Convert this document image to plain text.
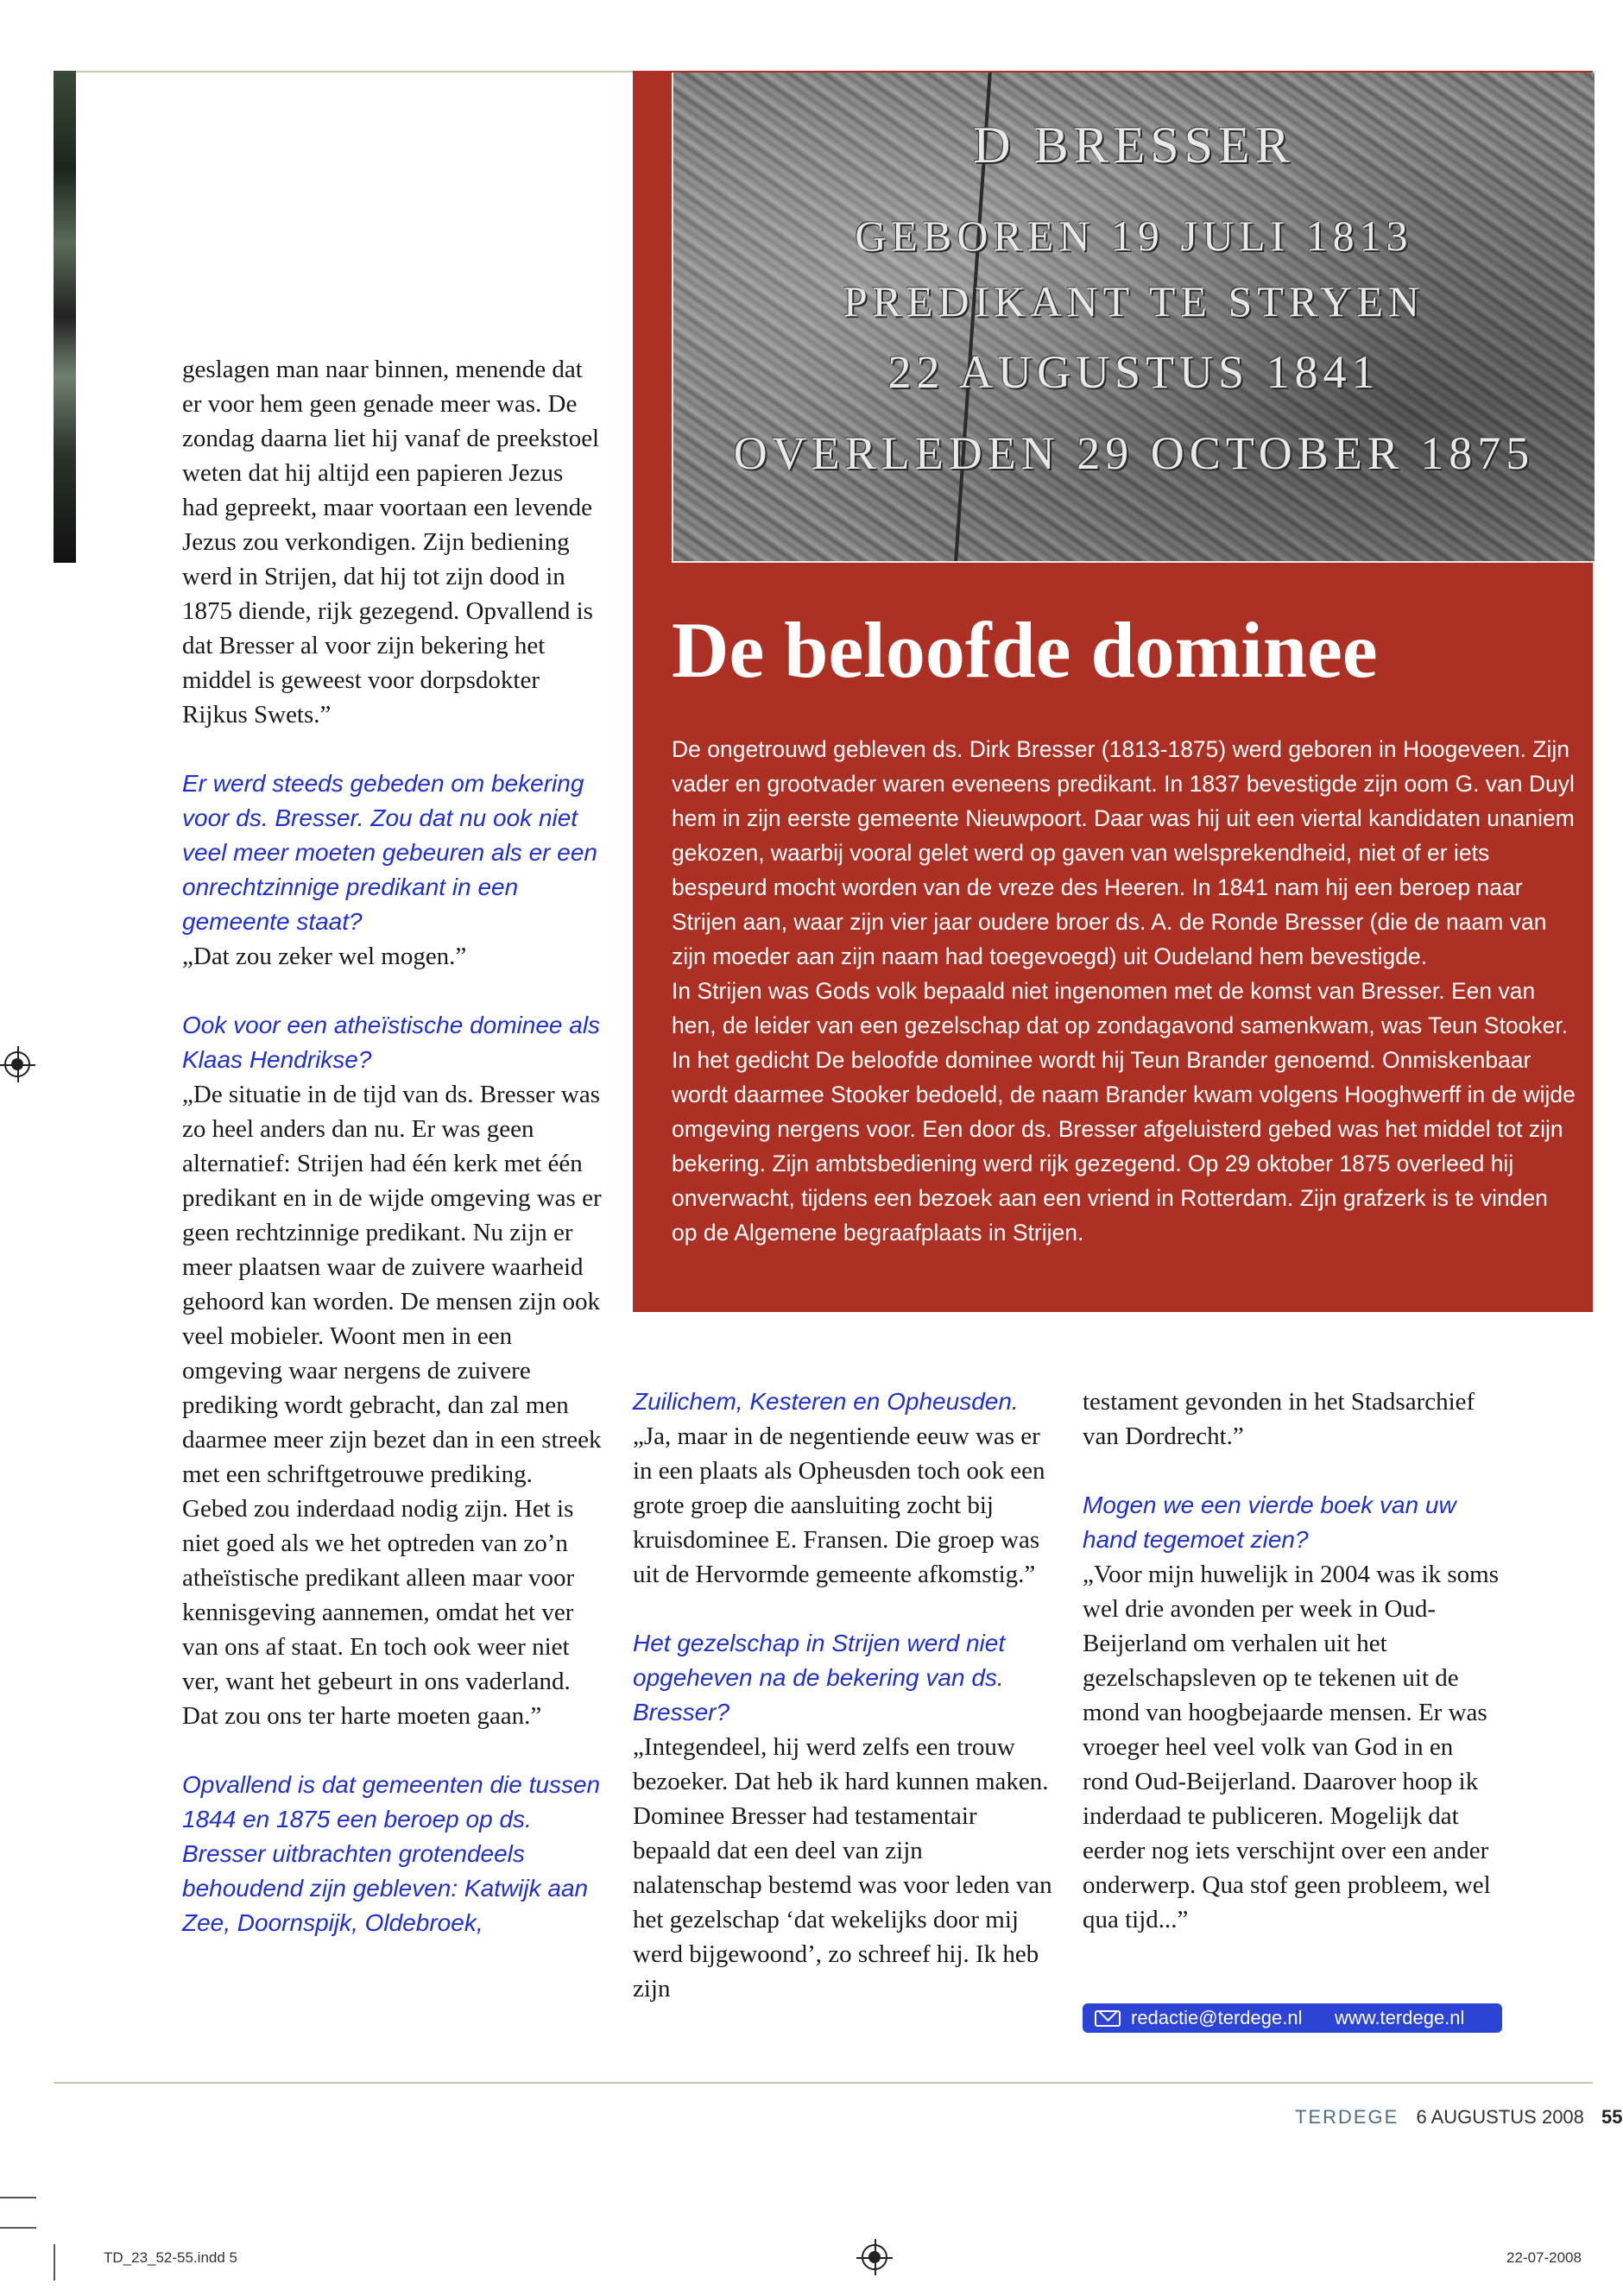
D BRESSER
GEBOREN 19 JULI 1813
PREDIKANT TE STRYEN
22 AUGUSTUS 1841
OVERLEDEN 29 OCTOBER 1875
De beloofde dominee

De ongetrouwd gebleven ds. Dirk Bresser (1813-1875) werd geboren in Hoogeveen. Zijn vader en grootvader waren eveneens predikant. In 1837 bevestigde zijn oom G. van Duyl hem in zijn eerste gemeente Nieuwpoort. Daar was hij uit een viertal kandidaten unaniem gekozen, waarbij vooral gelet werd op gaven van welsprekendheid, niet of er iets bespeurd mocht worden van de vreze des Heeren. In 1841 nam hij een beroep naar Strijen aan, waar zijn vier jaar oudere broer ds. A. de Ronde Bresser (die de naam van zijn moeder aan zijn naam had toegevoegd) uit Oudeland hem bevestigde.

In Strijen was Gods volk bepaald niet ingenomen met de komst van Bresser. Een van hen, de leider van een gezelschap dat op zondagavond samenkwam, was Teun Stooker. In het gedicht De beloofde dominee wordt hij Teun Brander genoemd. Onmiskenbaar wordt daarmee Stooker bedoeld, de naam Brander kwam volgens Hooghwerff in de wijde omgeving nergens voor. Een door ds. Bresser afgeluisterd gebed was het middel tot zijn bekering. Zijn ambtsbediening werd rijk gezegend. Op 29 oktober 1875 overleed hij onverwacht, tijdens een bezoek aan een vriend in Rotterdam. Zijn grafzerk is te vinden op de Algemene begraafplaats in Strijen.

geslagen man naar binnen, menende dat er voor hem geen genade meer was. De zondag daarna liet hij vanaf de preekstoel weten dat hij altijd een papieren Jezus had gepreekt, maar voortaan een levende Jezus zou verkondigen. Zijn bediening werd in Strijen, dat hij tot zijn dood in 1875 diende, rijk gezegend. Opvallend is dat Bresser al voor zijn bekering het middel is geweest voor dorpsdokter Rijkus Swets.”

Er werd steeds gebeden om bekering voor ds. Bresser. Zou dat nu ook niet veel meer moeten gebeuren als er een onrechtzinnige predikant in een gemeente staat?

„Dat zou zeker wel mogen.”

Ook voor een atheïstische dominee als Klaas Hendrikse?

„De situatie in de tijd van ds. Bresser was zo heel anders dan nu. Er was geen alternatief: Strijen had één kerk met één predikant en in de wijde omgeving was er geen rechtzinnige predikant. Nu zijn er meer plaatsen waar de zuivere waarheid gehoord kan worden. De mensen zijn ook veel mobieler. Woont men in een omgeving waar nergens de zuivere prediking wordt gebracht, dan zal men daarmee meer zijn bezet dan in een streek met een schriftgetrouwe prediking. Gebed zou inderdaad nodig zijn. Het is niet goed als we het optreden van zo’n atheïstische predikant alleen maar voor kennisgeving aannemen, omdat het ver van ons af staat. En toch ook weer niet ver, want het gebeurt in ons vaderland. Dat zou ons ter harte moeten gaan.”

Opvallend is dat gemeenten die tussen 1844 en 1875 een beroep op ds. Bresser uitbrachten grotendeels behoudend zijn gebleven: Katwijk aan Zee, Doornspijk, Oldebroek,

Zuilichem, Kesteren en Opheusden.

„Ja, maar in de negentiende eeuw was er in een plaats als Opheusden toch ook een grote groep die aansluiting zocht bij kruisdominee E. Fransen. Die groep was uit de Hervormde gemeente afkomstig.”

Het gezelschap in Strijen werd niet opgeheven na de bekering van ds. Bresser?

„Integendeel, hij werd zelfs een trouw bezoeker. Dat heb ik hard kunnen maken. Dominee Bresser had testamentair bepaald dat een deel van zijn nalatenschap bestemd was voor leden van het gezelschap ‘dat wekelijks door mij werd bijgewoond’, zo schreef hij. Ik heb zijn

testament gevonden in het Stadsarchief van Dordrecht.”

Mogen we een vierde boek van uw hand tegemoet zien?

„Voor mijn huwelijk in 2004 was ik soms wel drie avonden per week in Oud-Beijerland om verhalen uit het gezelschapsleven op te tekenen uit de mond van hoogbejaarde mensen. Er was vroeger heel veel volk van God in en rond Oud-Beijerland. Daarover hoop ik inderdaad te publiceren. Mogelijk dat eerder nog iets verschijnt over een ander onderwerp. Qua stof geen probleem, wel qua tijd...”

redactie@terdege.nl www.terdege.nl
TERDEGE 6 AUGUSTUS 2008 55
TD_23_52-55.indd 5	22-07-2008
